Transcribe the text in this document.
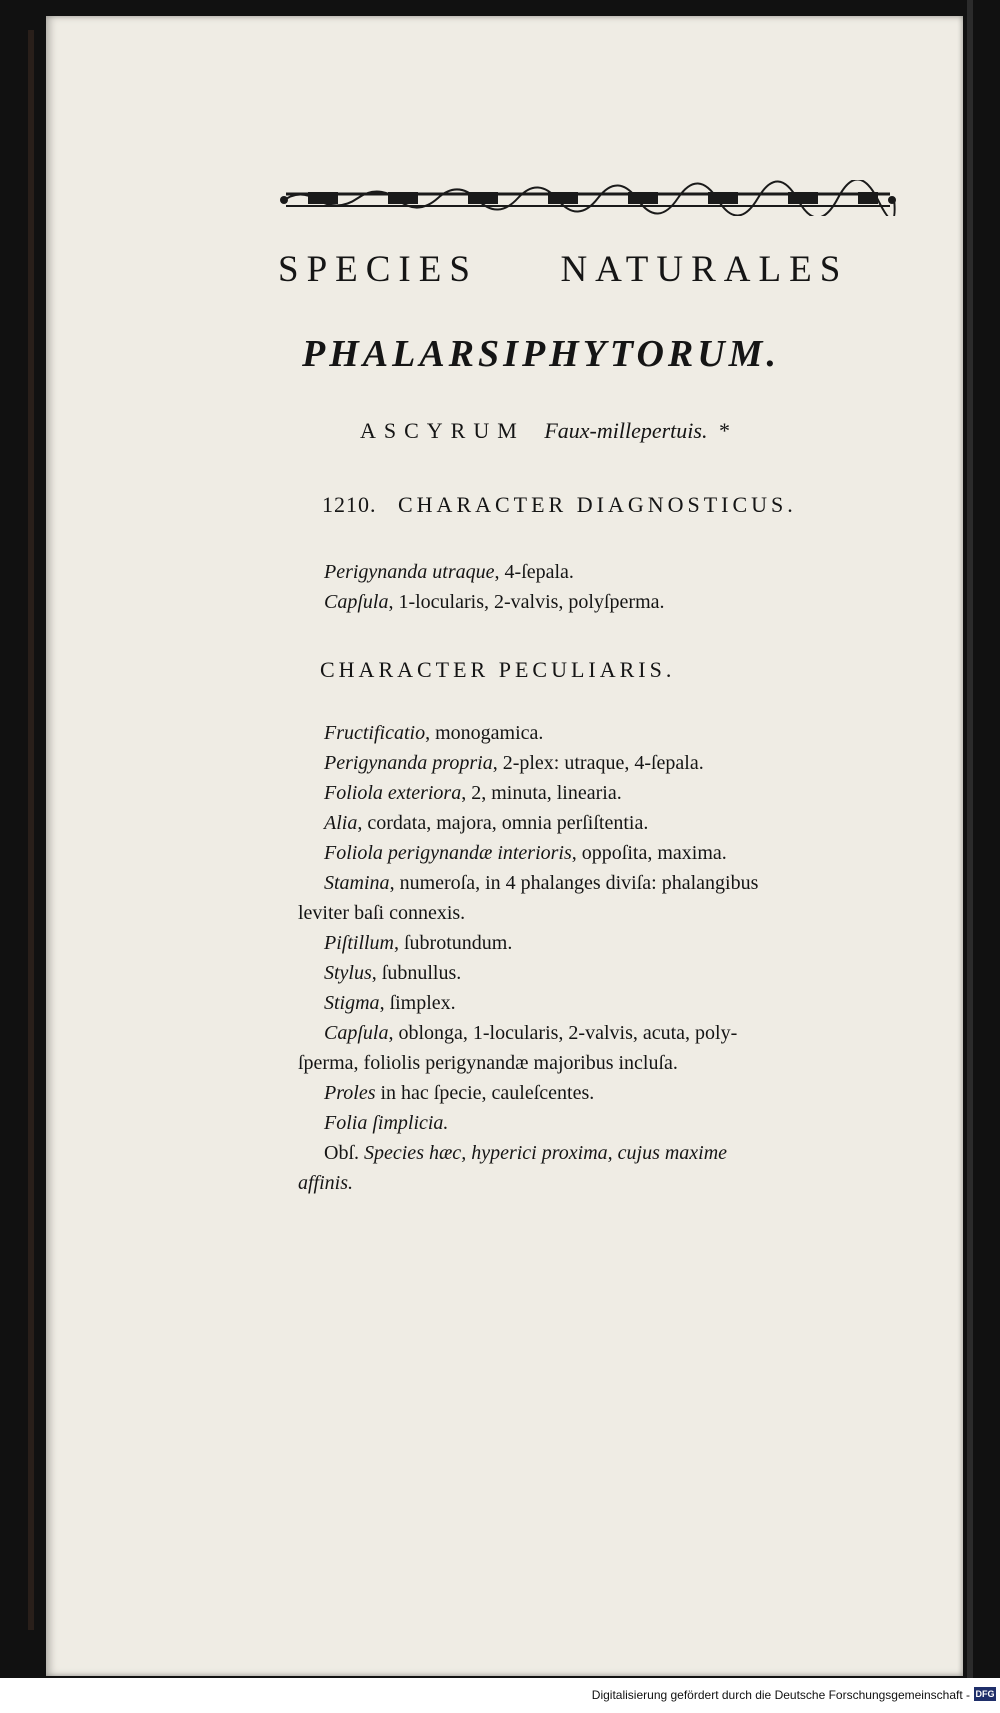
SPECIES NATURALES
PHALARSIPHYTORUM.
ASCYRUM Faux-millepertuis. *
1210. CHARACTER DIAGNOSTICUS.
Perigynanda utraque, 4-ſepala.
Capſula, 1-locularis, 2-valvis, polyſperma.
CHARACTER PECULIARIS.
Fructificatio, monogamica.
Perigynanda propria, 2-plex: utraque, 4-ſepala.
Foliola exteriora, 2, minuta, linearia.
Alia, cordata, majora, omnia perſiſtentia.
Foliola perigynandæ interioris, oppoſita, maxima.
Stamina, numeroſa, in 4 phalanges diviſa: phalangibus
leviter baſi connexis.
Piſtillum, ſubrotundum.
Stylus, ſubnullus.
Stigma, ſimplex.
Capſula, oblonga, 1-locularis, 2-valvis, acuta, poly-
ſperma, foliolis perigynandæ majoribus incluſa.
Proles in hac ſpecie, cauleſcentes.
Folia ſimplicia.
Obſ. Species hæc, hyperici proxima, cujus maxime
affinis.
Digitalisierung gefördert durch die Deutsche Forschungsgemeinschaft - DFG
